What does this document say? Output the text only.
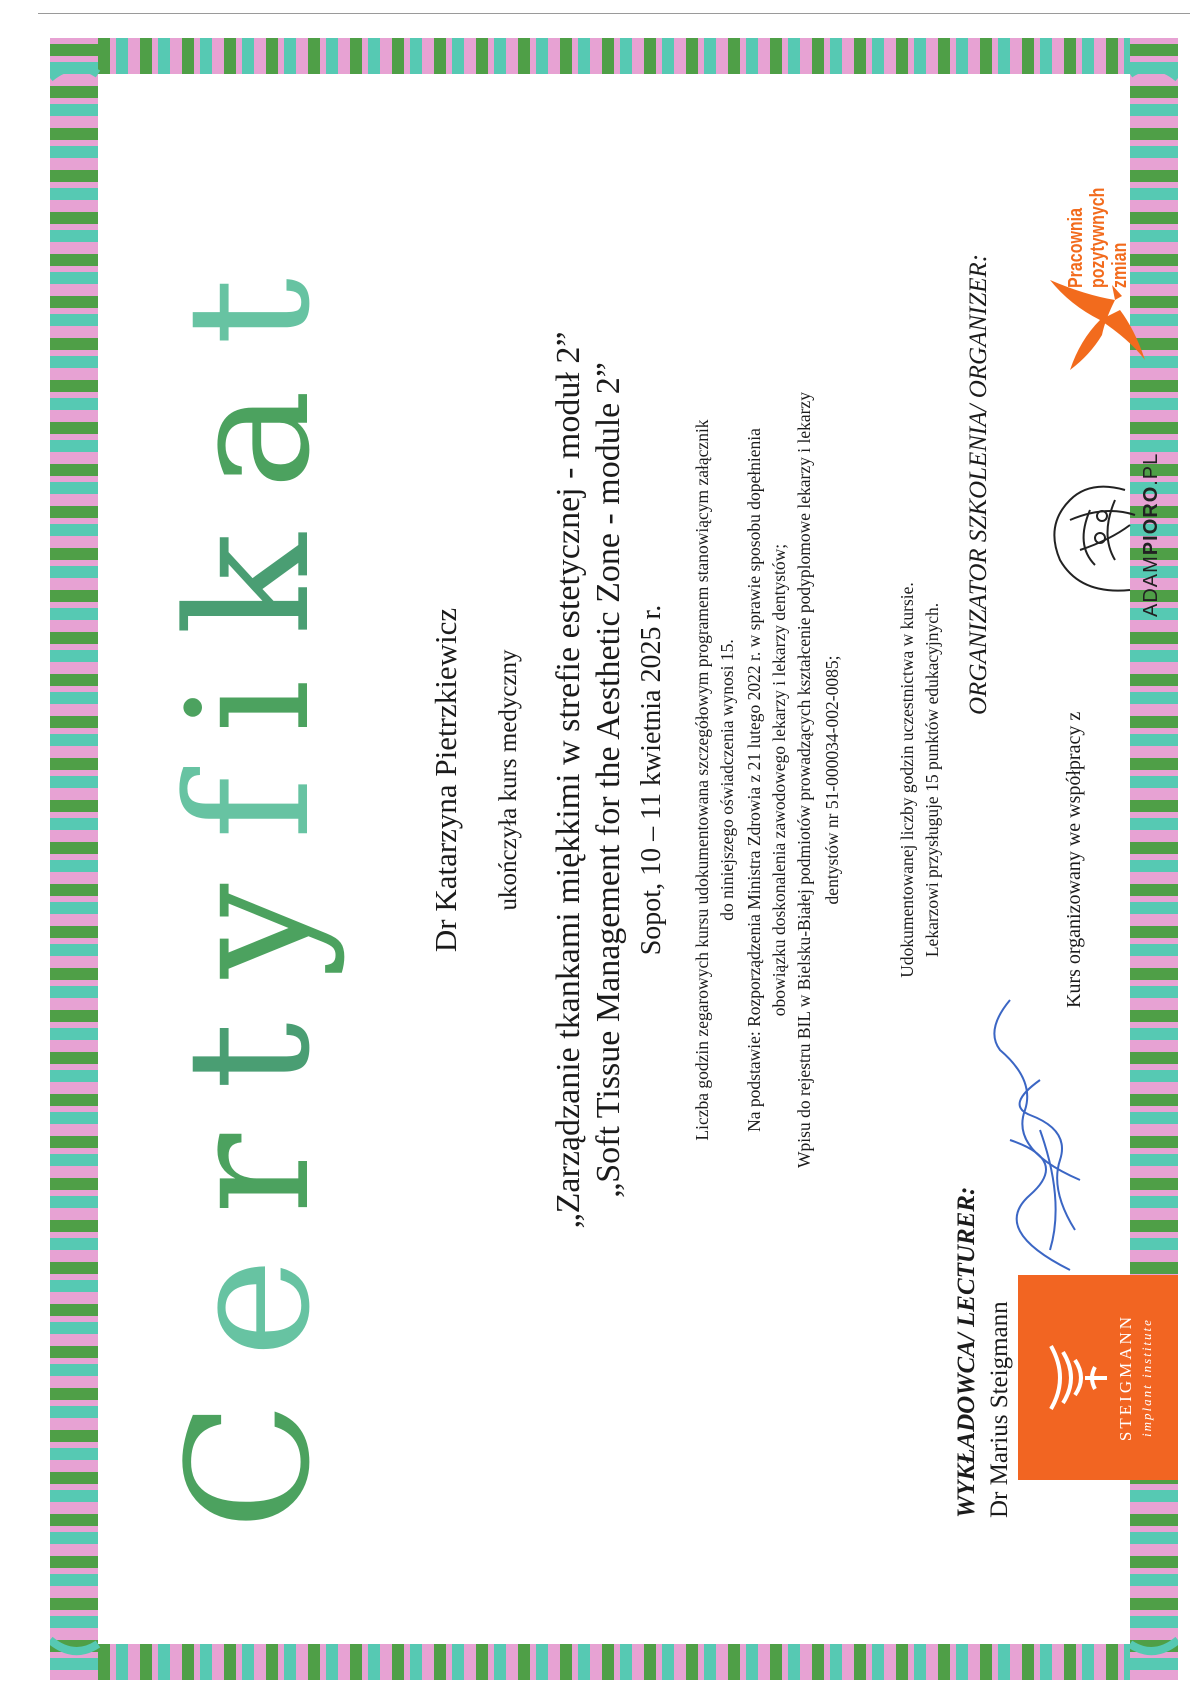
Certyfikat
Dr Katarzyna Pietrzkiewicz ukończyła kurs medyczny „Zarządzanie tkankami miękkimi w strefie estetycznej - moduł 2” „Soft Tissue Management for the Aesthetic Zone - module 2” Sopot, 10 – 11 kwietnia 2025 r. Liczba godzin zegarowych kursu udokumentowana szczegółowym programem stanowiącym załącznik do niniejszego oświadczenia wynosi 15. Na podstawie: Rozporządzenia Ministra Zdrowia z 21 lutego 2022 r. w sprawie sposobu dopełnienia obowiązku doskonalenia zawodowego lekarzy i lekarzy dentystów; Wpisu do rejestru BIL w Bielsku-Białej podmiotów prowadzących kształcenie podyplomowe lekarzy i lekarzy dentystów nr 51-000034-002-0085;	Udokumentowanej liczby godzin uczestnictwa w kursie. Lekarzowi przysługuje 15 punktów edukacyjnych.
ORGANIZATOR SZKOLENIA/ ORGANIZER:
Kurs organizowany we współpracy z
WYKŁADOWCA/ LECTURER: Dr Marius Steigmann	STEIGMANN implant institute
ADAMPIORO.PL
Pracownia pozytywnych zmian
